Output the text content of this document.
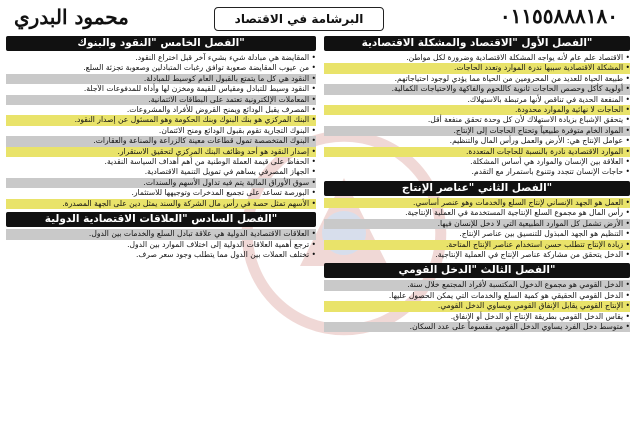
محمود البدري	البرشامة في الاقتصاد	٠١١٥٥٨٨٨١٨٠
الفصل الأول "الاقتصاد والمشكلة الاقتصادية"

• الاقتصاد علم عام لأنه يواجه المشكلة الاقتصادية وضرورة لكل مواطن.

• المشكلة الاقتصادية سببها ندرة الموارد وتعدد الحاجات.

• طبيعة الحياة للعديد من المحرومين من الحياة مما يؤدي لوجود احتياجاتهم.

• أولوية كأكل وحصص الحاجات ثانوية كاللحوم والفاكهة والاحتياجات الكمالية.

• المنفعة الحدية في تناقص لأنها مرتبطة بالاستهلاك.

• الحاجات لا نهائية والموارد محدودة.

• يتحقق الإشباع بزيادة الاستهلاك لأن كل وحدة تحقق منفعة أقل.

• المواد الخام متوفرة طبيعياً وتحتاج الحاجات إلى الإنتاج.

• عوامل الإنتاج هي: الأرض والعمل ورأس المال والتنظيم.

• الموارد الاقتصادية نادرة بالنسبة للحاجات المتعددة.

• العلاقة بين الإنسان والموارد هي أساس المشكلة.

• حاجات الإنسان تتجدد وتتنوع باستمرار مع التقدم.

الفصل الثاني "عناصر الإنتاج"

• العمل هو الجهد الإنساني لإنتاج السلع والخدمات وهو عنصر أساسي.

• رأس المال هو مجموع السلع الإنتاجية المستخدمة في العملية الإنتاجية.

• الأرض تشمل كل الموارد الطبيعية التي لا دخل للإنسان فيها.

• التنظيم هو الجهد المبذول للتنسيق بين عناصر الإنتاج.

• زيادة الإنتاج تتطلب حسن استخدام عناصر الإنتاج المتاحة.

• الدخل يتحقق من مشاركة عناصر الإنتاج في العملية الإنتاجية.

الفصل الثالث "الدخل القومي"

• الدخل القومي هو مجموع الدخول المكتسبة لأفراد المجتمع خلال سنة.

• الدخل القومي الحقيقي هو كمية السلع والخدمات التي يمكن الحصول عليها.

• الإنتاج القومي يقابل الإنفاق القومي ويساوي الدخل القومي.

• يقاس الدخل القومي بطريقة الإنتاج أو الدخل أو الإنفاق.

• متوسط دخل الفرد يساوي الدخل القومي مقسوماً على عدد السكان.

الفصل الخامس "النقود والبنوك"

• المقايضة هي مبادلة شيء بشيء آخر قبل اختراع النقود.

• من عيوب المقايضة صعوبة توافق رغبات المتبادلين وصعوبة تجزئة السلع.

• النقود هي كل ما يتمتع بالقبول العام كوسيط للمبادلة.

• النقود وسيط للتبادل ومقياس للقيمة ومخزن لها وأداة للمدفوعات الآجلة.

• المعاملات الإلكترونية تعتمد على البطاقات الائتمانية.

• المصرف يقبل الودائع ويمنح القروض للأفراد والمشروعات.

• البنك المركزي هو بنك البنوك وبنك الحكومة وهو المسئول عن إصدار النقود.

• البنوك التجارية تقوم بقبول الودائع ومنح الائتمان.

• البنوك المتخصصة تمول قطاعات معينة كالزراعة والصناعة والعقارات.

• إصدار النقود هو أحد وظائف البنك المركزي لتحقيق الاستقرار.

• الحفاظ على قيمة العملة الوطنية من أهم أهداف السياسة النقدية.

• الجهاز المصرفي يساهم في تمويل التنمية الاقتصادية.

• سوق الأوراق المالية يتم فيه تداول الأسهم والسندات.

• البورصة تساعد على تجميع المدخرات وتوجيهها للاستثمار.

• الأسهم تمثل حصة في رأس مال الشركة والسند يمثل دين على الجهة المصدرة.

الفصل السادس "العلاقات الاقتصادية الدولية"

• العلاقات الاقتصادية الدولية هي علاقة تبادل السلع والخدمات بين الدول.

• ترجع أهمية العلاقات الدولية إلى اختلاف الموارد بين الدول.

• تختلف العملات بين الدول مما يتطلب وجود سعر صرف.
